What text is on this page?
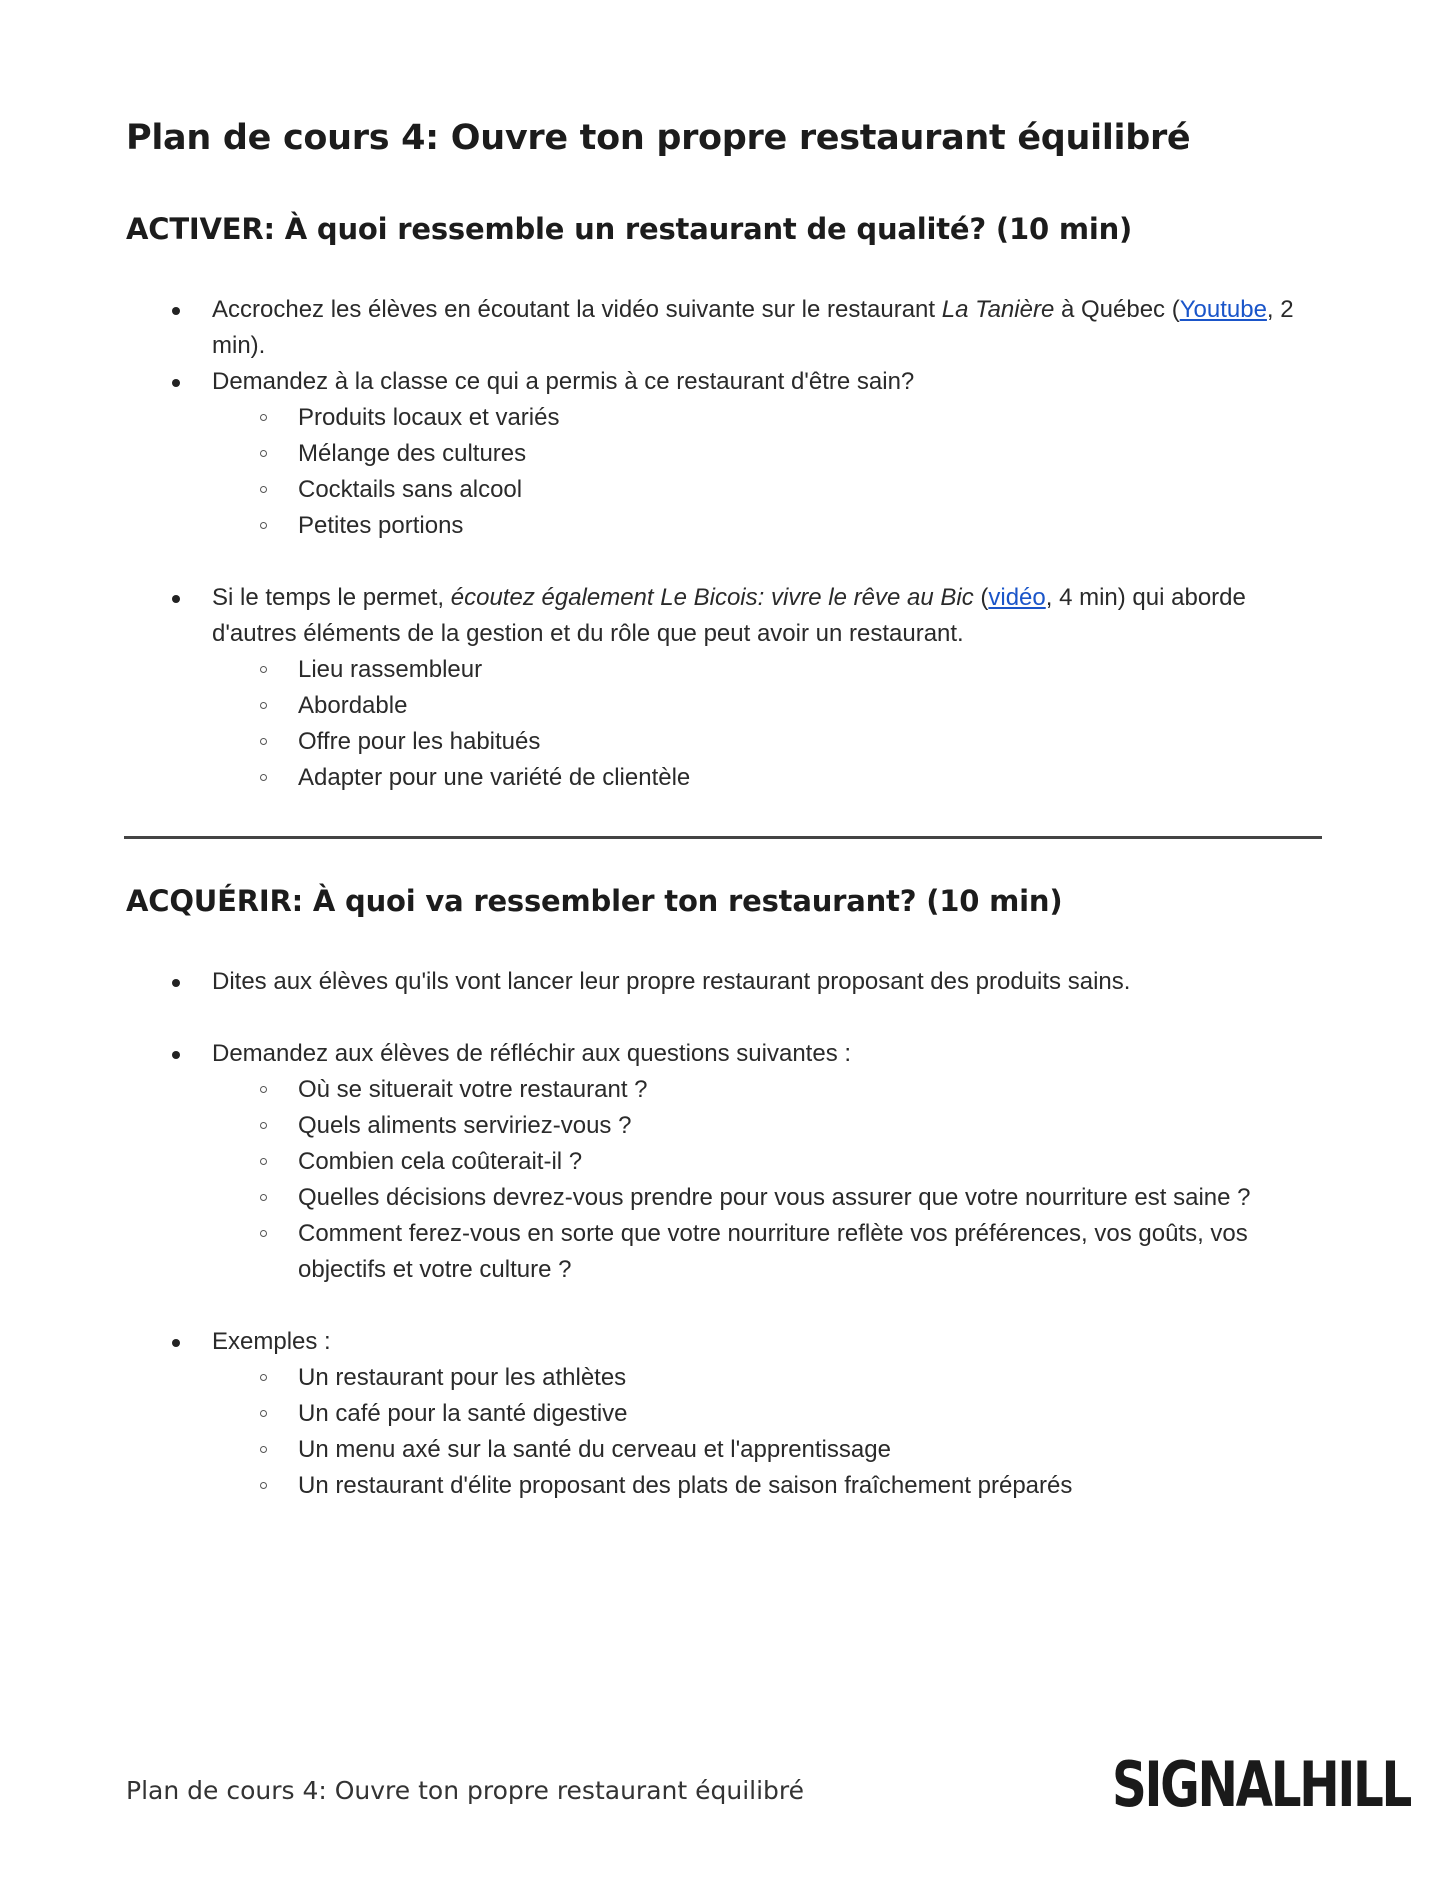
Plan de cours 4: Ouvre ton propre restaurant équilibré
ACTIVER: À quoi ressemble un restaurant de qualité? (10 min)
Accrochez les élèves en écoutant la vidéo suivante sur le restaurant La Tanière à Québec (Youtube, 2 min).
Demandez à la classe ce qui a permis à ce restaurant d'être sain?
Produits locaux et variés
Mélange des cultures
Cocktails sans alcool
Petites portions
Si le temps le permet, écoutez également Le Bicois: vivre le rêve au Bic (vidéo, 4 min) qui aborde d'autres éléments de la gestion et du rôle que peut avoir un restaurant.
Lieu rassembleur
Abordable
Offre pour les habitués
Adapter pour une variété de clientèle
ACQUÉRIR: À quoi va ressembler ton restaurant? (10 min)
Dites aux élèves qu'ils vont lancer leur propre restaurant proposant des produits sains.
Demandez aux élèves de réfléchir aux questions suivantes :
Où se situerait votre restaurant ?
Quels aliments serviriez-vous ?
Combien cela coûterait-il ?
Quelles décisions devrez-vous prendre pour vous assurer que votre nourriture est saine ?
Comment ferez-vous en sorte que votre nourriture reflète vos préférences, vos goûts, vos objectifs et votre culture ?
Exemples :
Un restaurant pour les athlètes
Un café pour la santé digestive
Un menu axé sur la santé du cerveau et l'apprentissage
Un restaurant d'élite proposant des plats de saison fraîchement préparés

Plan de cours 4: Ouvre ton propre restaurant équilibré	SIGNALHILL
